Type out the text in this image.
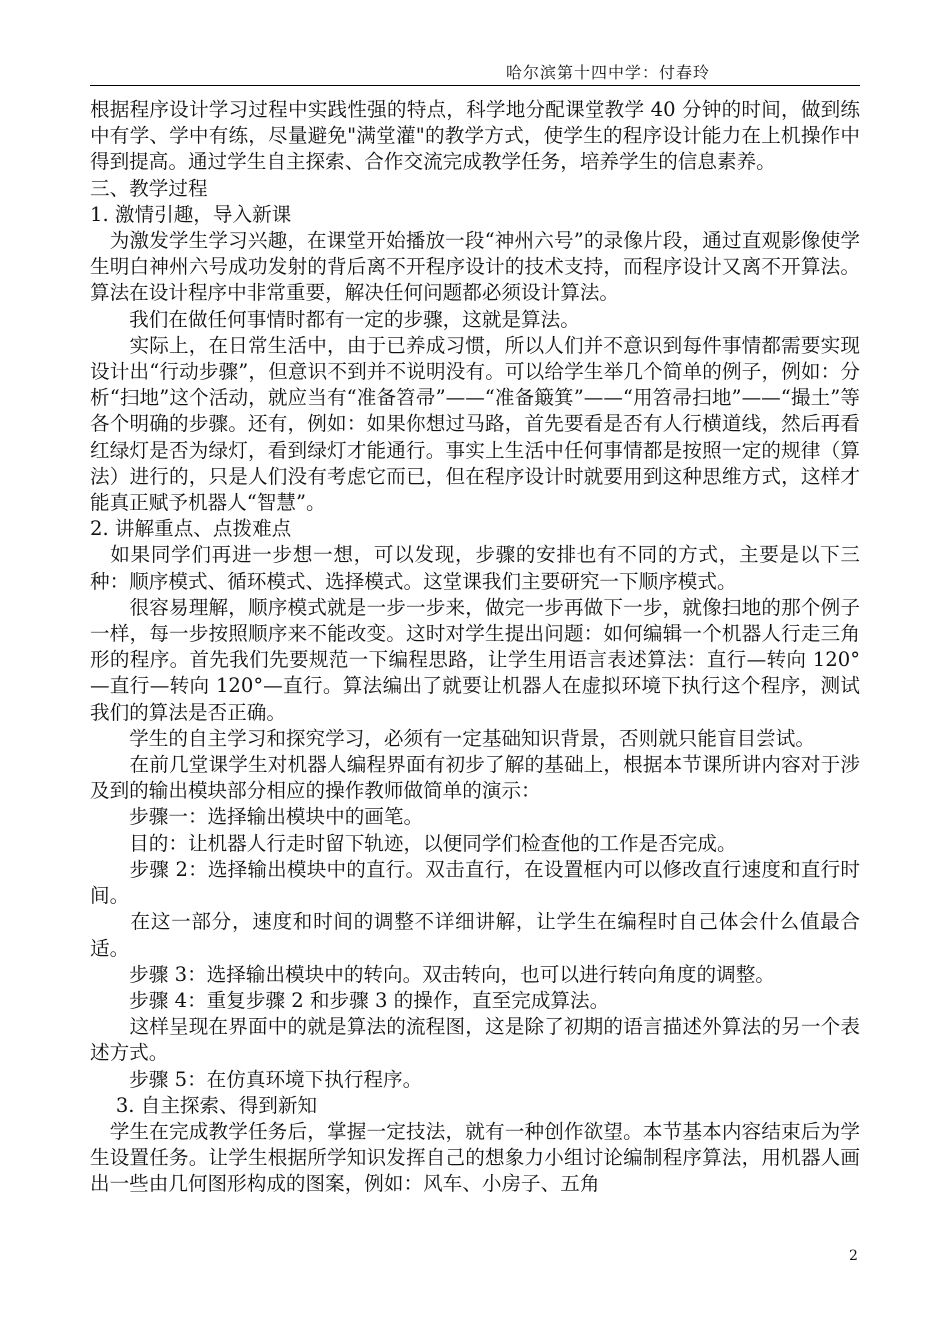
哈尔滨第十四中学：付春玲

根据程序设计学习过程中实践性强的特点，科学地分配课堂教学 40 分钟的时间，做到练中有学、学中有练，尽量避免"满堂灌"的教学方式，使学生的程序设计能力在上机操作中得到提高。通过学生自主探索、合作交流完成教学任务，培养学生的信息素养。

三、教学过程

1. 激情引趣，导入新课

　为激发学生学习兴趣，在课堂开始播放一段“神州六号”的录像片段，通过直观影像使学生明白神州六号成功发射的背后离不开程序设计的技术支持，而程序设计又离不开算法。算法在设计程序中非常重要，解决任何问题都必须设计算法。

　　我们在做任何事情时都有一定的步骤，这就是算法。

　　实际上，在日常生活中，由于已养成习惯，所以人们并不意识到每件事情都需要实现设计出“行动步骤”，但意识不到并不说明没有。可以给学生举几个简单的例子，例如：分析“扫地”这个活动，就应当有“准备笤帚”——“准备簸箕”——“用笤帚扫地”——“撮土”等各个明确的步骤。还有，例如：如果你想过马路，首先要看是否有人行横道线，然后再看红绿灯是否为绿灯，看到绿灯才能通行。事实上生活中任何事情都是按照一定的规律（算法）进行的，只是人们没有考虑它而已，但在程序设计时就要用到这种思维方式，这样才能真正赋予机器人“智慧”。

2. 讲解重点、点拨难点

　如果同学们再进一步想一想，可以发现，步骤的安排也有不同的方式，主要是以下三种：顺序模式、循环模式、选择模式。这堂课我们主要研究一下顺序模式。

　　很容易理解，顺序模式就是一步一步来，做完一步再做下一步，就像扫地的那个例子一样，每一步按照顺序来不能改变。这时对学生提出问题：如何编辑一个机器人行走三角形的程序。首先我们先要规范一下编程思路，让学生用语言表述算法：直行—转向 120°—直行—转向 120°—直行。算法编出了就要让机器人在虚拟环境下执行这个程序，测试我们的算法是否正确。

　　学生的自主学习和探究学习，必须有一定基础知识背景，否则就只能盲目尝试。

　　在前几堂课学生对机器人编程界面有初步了解的基础上，根据本节课所讲内容对于涉及到的输出模块部分相应的操作教师做简单的演示：

　　步骤一：选择输出模块中的画笔。

　　目的：让机器人行走时留下轨迹，以便同学们检查他的工作是否完成。

　　步骤 2：选择输出模块中的直行。双击直行，在设置框内可以修改直行速度和直行时间。

　　在这一部分，速度和时间的调整不详细讲解，让学生在编程时自己体会什么值最合适。

　　步骤 3：选择输出模块中的转向。双击转向，也可以进行转向角度的调整。

　　步骤 4：重复步骤 2 和步骤 3 的操作，直至完成算法。

　　这样呈现在界面中的就是算法的流程图，这是除了初期的语言描述外算法的另一个表述方式。

　　步骤 5：在仿真环境下执行程序。

　 3. 自主探索、得到新知

　学生在完成教学任务后，掌握一定技法，就有一种创作欲望。本节基本内容结束后为学生设置任务。让学生根据所学知识发挥自己的想象力小组讨论编制程序算法，用机器人画出一些由几何图形构成的图案，例如：风车、小房子、五角

2
